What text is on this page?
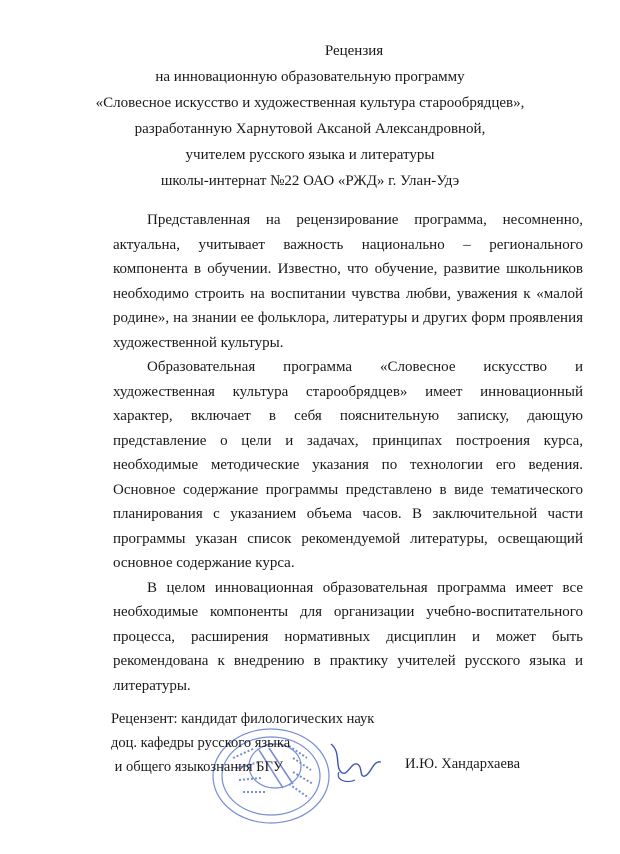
Рецензия
на инновационную образовательную программу
«Словесное искусство и художественная культура старообрядцев»,
разработанную Харнутовой Аксаной Александровной,
учителем русского языка и литературы
школы-интернат №22 ОАО «РЖД» г. Улан-Удэ

Представленная на рецензирование программа, несомненно, актуальна, учитывает важность национально – регионального компонента в обучении. Известно, что обучение, развитие школьников необходимо строить на воспитании чувства любви, уважения к «малой родине», на знании ее фольклора, литературы и других форм проявления художественной культуры.

Образовательная программа «Словесное искусство и художественная культура старообрядцев» имеет инновационный характер, включает в себя пояснительную записку, дающую представление о цели и задачах, принципах построения курса, необходимые методические указания по технологии его ведения. Основное содержание программы представлено в виде тематического планирования с указанием объема часов. В заключительной части программы указан список рекомендуемой литературы, освещающий основное содержание курса.

В целом инновационная образовательная программа имеет все необходимые компоненты для организации учебно-воспитательного процесса, расширения нормативных дисциплин и может быть рекомендована к внедрению в практику учителей русского языка и литературы.

Рецензент: кандидат филологических наук
доц. кафедры русского языка
и общего языкознания БГУ	И.Ю. Хандархаева
